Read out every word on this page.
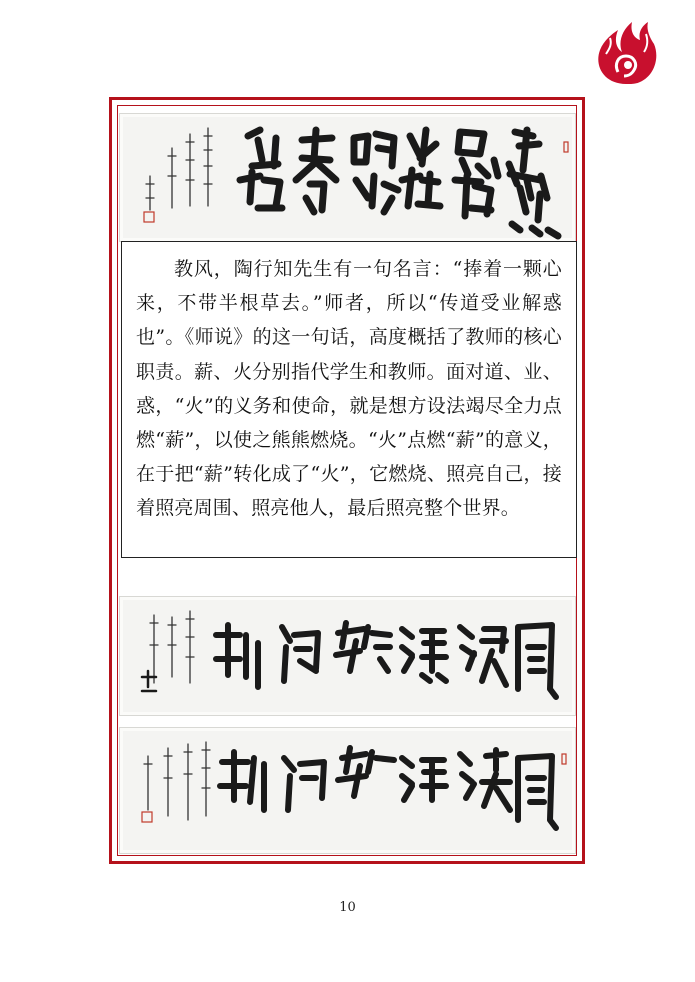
教风，陶行知先生有一句名言：“捧着一颗心来，不带半根草去。”师者，所以“传道受业解惑也”。《师说》的这一句话，高度概括了教师的核心职责。薪、火分别指代学生和教师。面对道、业、惑，“火”的义务和使命，就是想方设法竭尽全力点燃“薪”，以使之熊熊燃烧。“火”点燃“薪”的意义，在于把“薪”转化成了“火”，它燃烧、照亮自己，接着照亮周围、照亮他人，最后照亮整个世界。

10
